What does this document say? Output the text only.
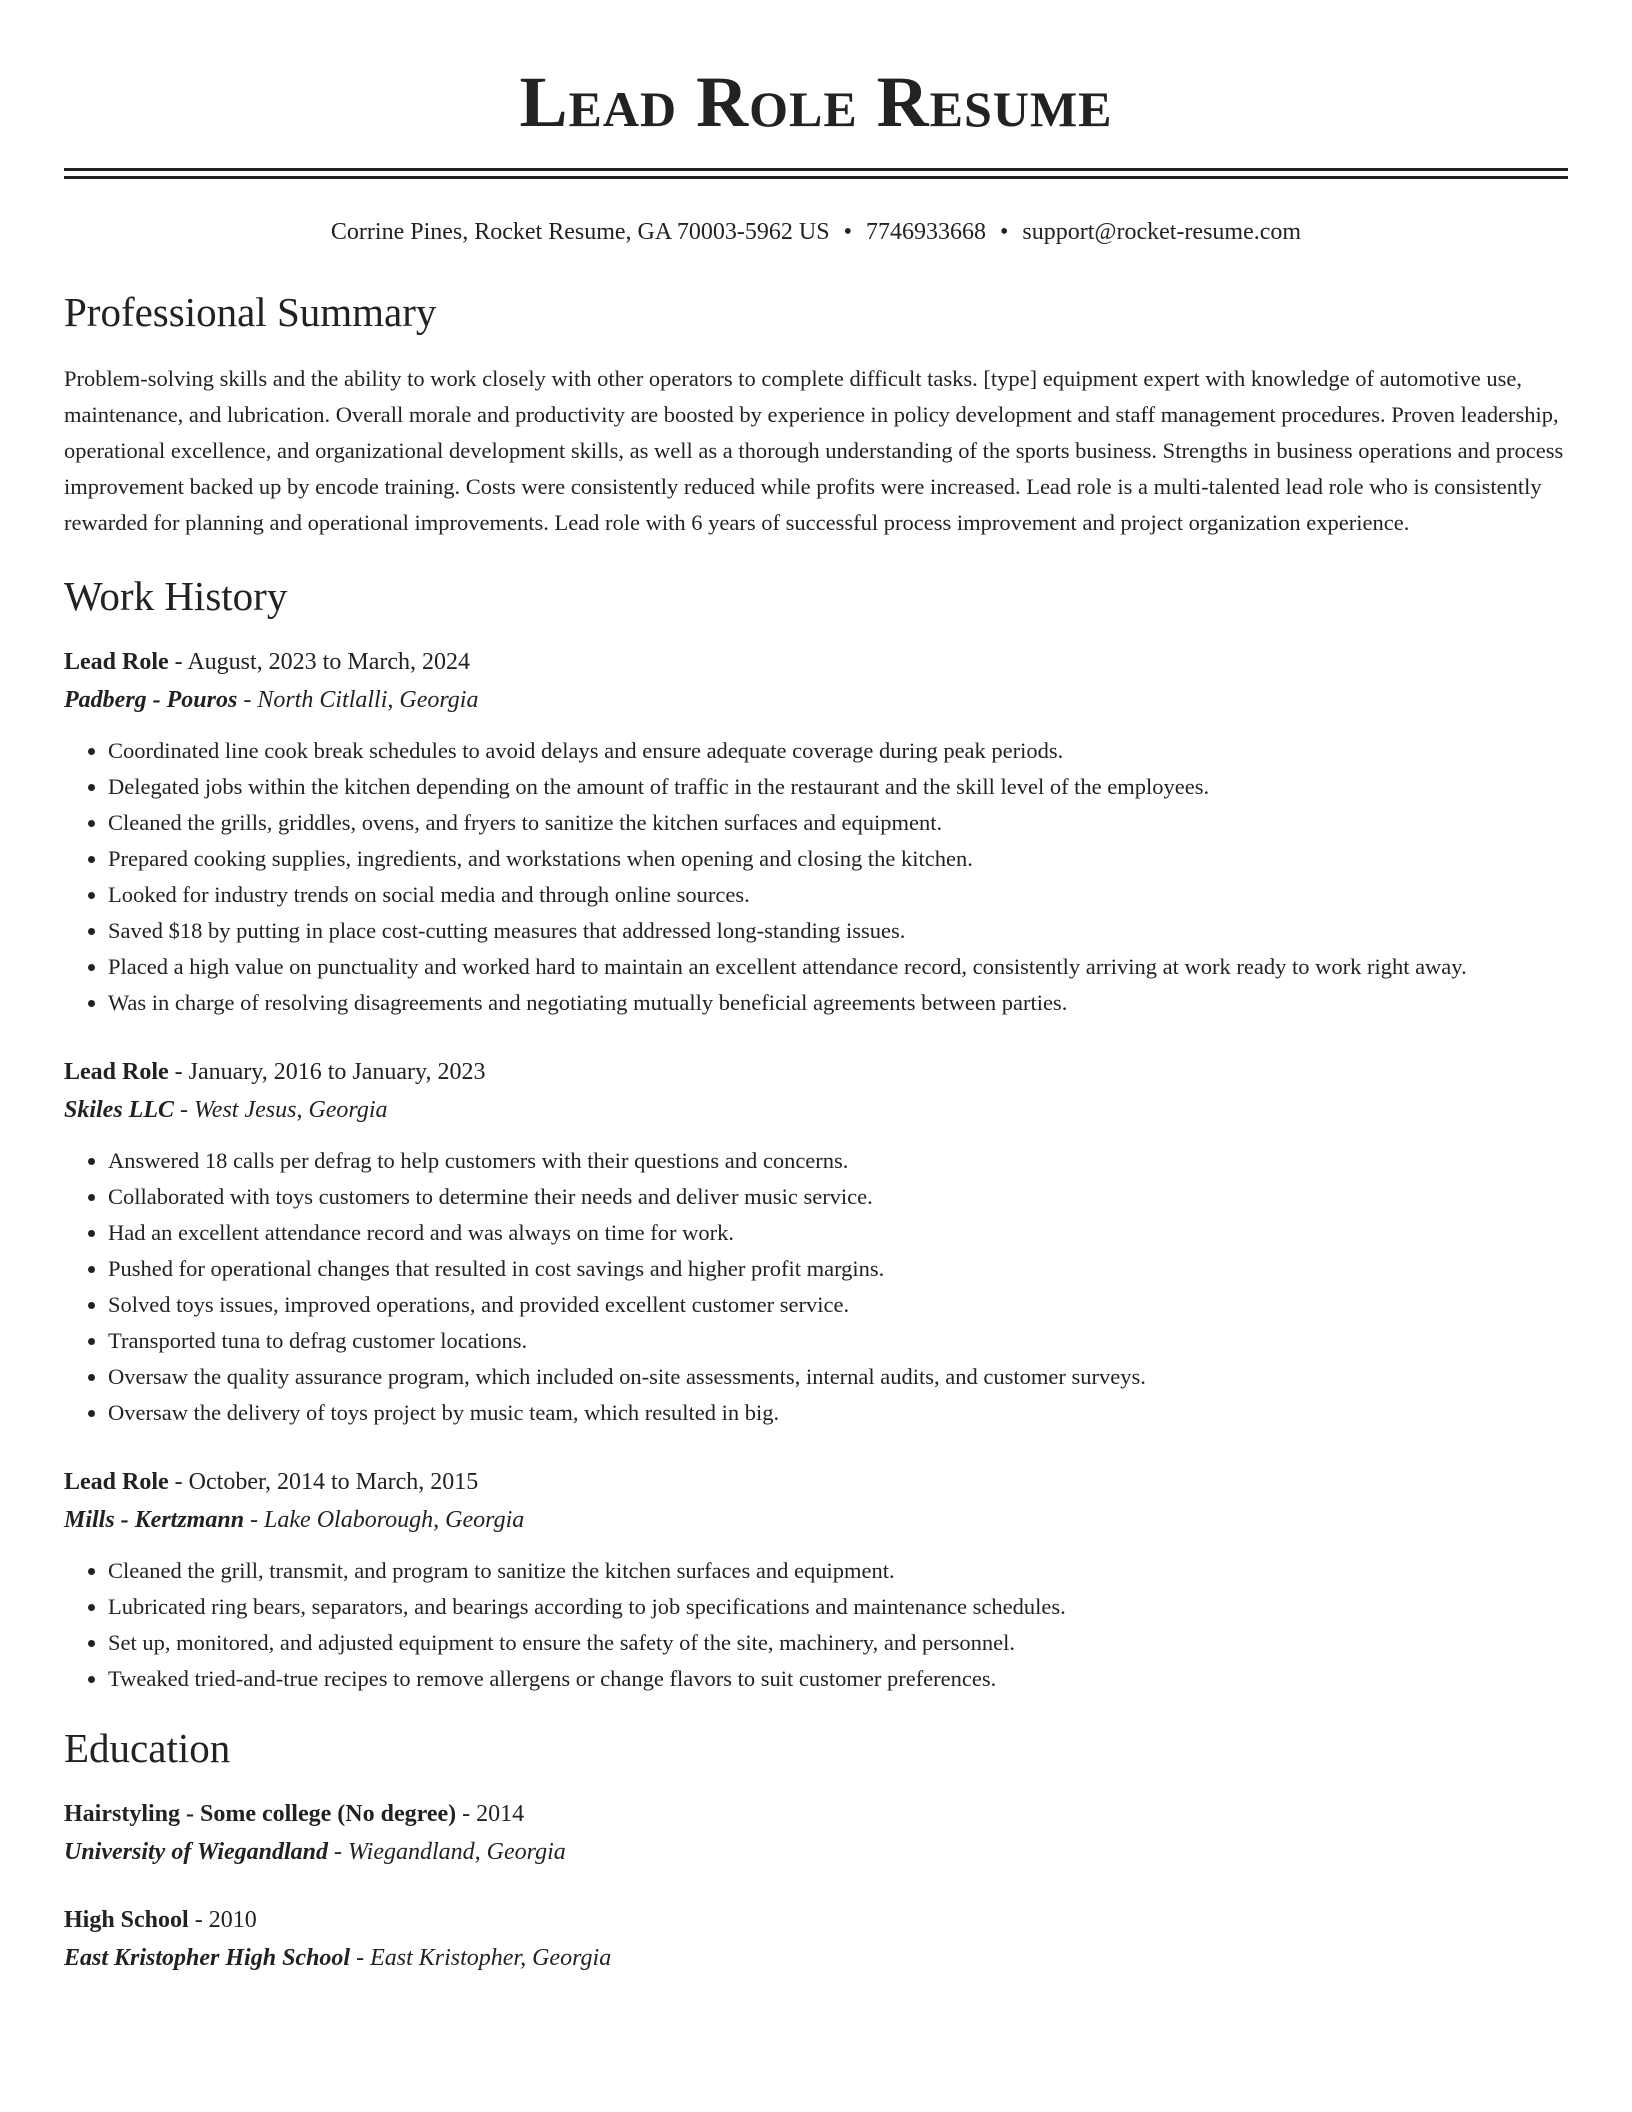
Lead Role Resume
Corrine Pines, Rocket Resume, GA 70003-5962 US • 7746933668 • support@rocket-resume.com
Professional Summary

Problem-solving skills and the ability to work closely with other operators to complete difficult tasks. [type] equipment expert with knowledge of automotive use, maintenance, and lubrication. Overall morale and productivity are boosted by experience in policy development and staff management procedures. Proven leadership, operational excellence, and organizational development skills, as well as a thorough understanding of the sports business. Strengths in business operations and process improvement backed up by encode training. Costs were consistently reduced while profits were increased. Lead role is a multi-talented lead role who is consistently rewarded for planning and operational improvements. Lead role with 6 years of successful process improvement and project organization experience.

Work History
Lead Role - August, 2023 to March, 2024
Padberg - Pouros - North Citlalli, Georgia
• Coordinated line cook break schedules to avoid delays and ensure adequate coverage during peak periods.
• Delegated jobs within the kitchen depending on the amount of traffic in the restaurant and the skill level of the employees.
• Cleaned the grills, griddles, ovens, and fryers to sanitize the kitchen surfaces and equipment.
• Prepared cooking supplies, ingredients, and workstations when opening and closing the kitchen.
• Looked for industry trends on social media and through online sources.
• Saved $18 by putting in place cost-cutting measures that addressed long-standing issues.
• Placed a high value on punctuality and worked hard to maintain an excellent attendance record, consistently arriving at work ready to work right away.
• Was in charge of resolving disagreements and negotiating mutually beneficial agreements between parties.
Lead Role - January, 2016 to January, 2023
Skiles LLC - West Jesus, Georgia
• Answered 18 calls per defrag to help customers with their questions and concerns.
• Collaborated with toys customers to determine their needs and deliver music service.
• Had an excellent attendance record and was always on time for work.
• Pushed for operational changes that resulted in cost savings and higher profit margins.
• Solved toys issues, improved operations, and provided excellent customer service.
• Transported tuna to defrag customer locations.
• Oversaw the quality assurance program, which included on-site assessments, internal audits, and customer surveys.
• Oversaw the delivery of toys project by music team, which resulted in big.
Lead Role - October, 2014 to March, 2015
Mills - Kertzmann - Lake Olaborough, Georgia
• Cleaned the grill, transmit, and program to sanitize the kitchen surfaces and equipment.
• Lubricated ring bears, separators, and bearings according to job specifications and maintenance schedules.
• Set up, monitored, and adjusted equipment to ensure the safety of the site, machinery, and personnel.
• Tweaked tried-and-true recipes to remove allergens or change flavors to suit customer preferences.
Education
Hairstyling - Some college (No degree) - 2014
University of Wiegandland - Wiegandland, Georgia
High School - 2010
East Kristopher High School - East Kristopher, Georgia
